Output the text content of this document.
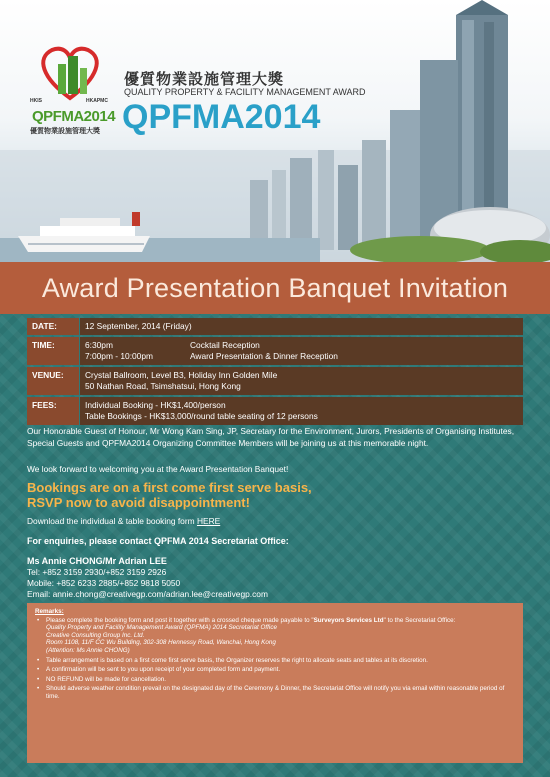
HKIS	HKAPMC
QPFMA2014
優質物業設施管理大獎
優質物業設施管理大獎
QUALITY PROPERTY & FACILITY MANAGEMENT AWARD
QPFMA2014
Award Presentation Banquet Invitation
DATE:	12 September, 2014 (Friday)
TIME:	6:30pm Cocktail Reception
7:00pm - 10:00pm Award Presentation & Dinner Reception

VENUE:	Crystal Ballroom, Level B3, Holiday Inn Golden Mile
50 Nathan Road, Tsimshatsui, Hong Kong

FEES:	Individual Booking - HK$1,400/person
Table Bookings - HK$13,000/round table seating of 12 persons
Our Honorable Guest of Honour, Mr Wong Kam Sing, JP, Secretary for the Environment, Jurors, Presidents of Organising Institutes, Special Guests and QPFMA2014 Organizing Committee Members will be joining us at this memorable night.
We look forward to welcoming you at the Award Presentation Banquet!
Bookings are on a first come first serve basis,
RSVP now to avoid disappointment!
Download the individual & table booking form HERE
For enquiries, please contact QPFMA 2014 Secretariat Office:
Ms Annie CHONG/Mr Adrian LEE
Tel: +852 3159 2930/+852 3159 2926
Mobile: +852 6233 2885/+852 9818 5050
Email: annie.chong@creativegp.com/adrian.lee@creativegp.com
Remarks:
• Please complete the booking form and post it together with a crossed cheque made payable to "Surveyors Services Ltd" to the Secretariat Office:
Quality Property and Facility Management Award (QPFMA) 2014 Secretariat Office
Creative Consulting Group Inc. Ltd.
Room 1108, 11/F CC Wu Building, 302-308 Hennessy Road, Wanchai, Hong Kong
(Attention: Ms Annie CHONG)
• Table arrangement is based on a first come first serve basis, the Organizer reserves the right to allocate seats and tables at its discretion.
• A confirmation will be sent to you upon receipt of your completed form and payment.
• NO REFUND will be made for cancellation.
• Should adverse weather condition prevail on the designated day of the Ceremony & Dinner, the Secretariat Office will notify you via email within reasonable period of time.
